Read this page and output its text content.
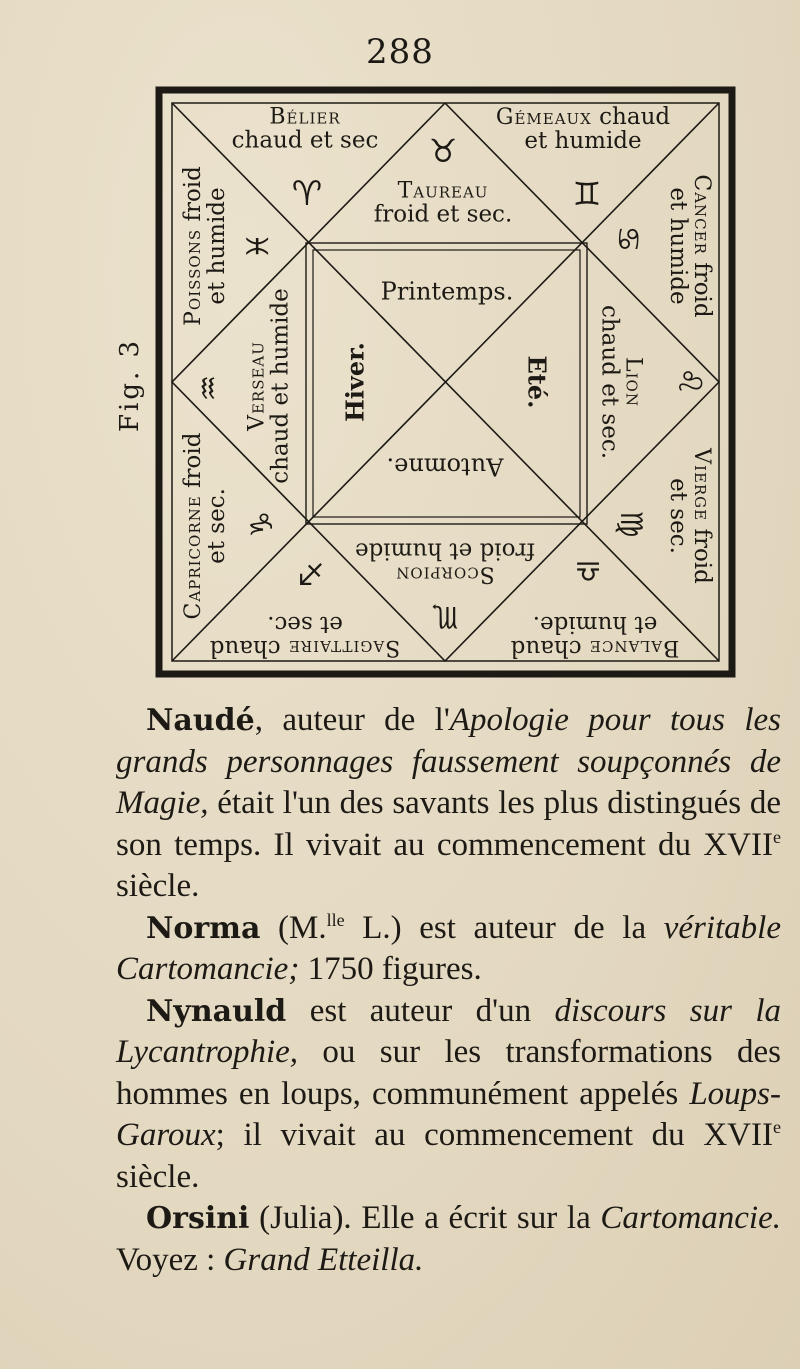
288
Fig. 3
Bélier
chaud et sec
♈
♉
Taureau
froid et sec.
Gémeaux chaud
et humide
♊	Cancer froid
et humide
♋
Lion
chaud et sec. ♌
Vierge froid
et sec.
♍
Balance chaud
et humide.
♎
Scorpion
froid et humide
♏
Sagittaire chaud
et sec.
♐
Capricorne froid
et sec. ♑
Verseau
chaud et humide
♒
Poissons froid
et humide ♓
Printemps.
Eté.
Automne.
Hiver.

Naudé, auteur de l'Apologie pour tous les grands personnages faussement soupçonnés de Magie, était l'un des savants les plus distingués de son temps. Il vivait au commencement du XVIIe siècle.

Norma (M.$^{lle}$ L.) est auteur de la véritable Cartomancie; 1750 figures.

Nynauld est auteur d'un discours sur la Lycantrophie, ou sur les transformations des hommes en loups, communément appelés Loups-Garoux; il vivait au commencement du XVIIe siècle.

Orsini (Julia). Elle a écrit sur la Cartomancie. Voyez : Grand Etteilla.
